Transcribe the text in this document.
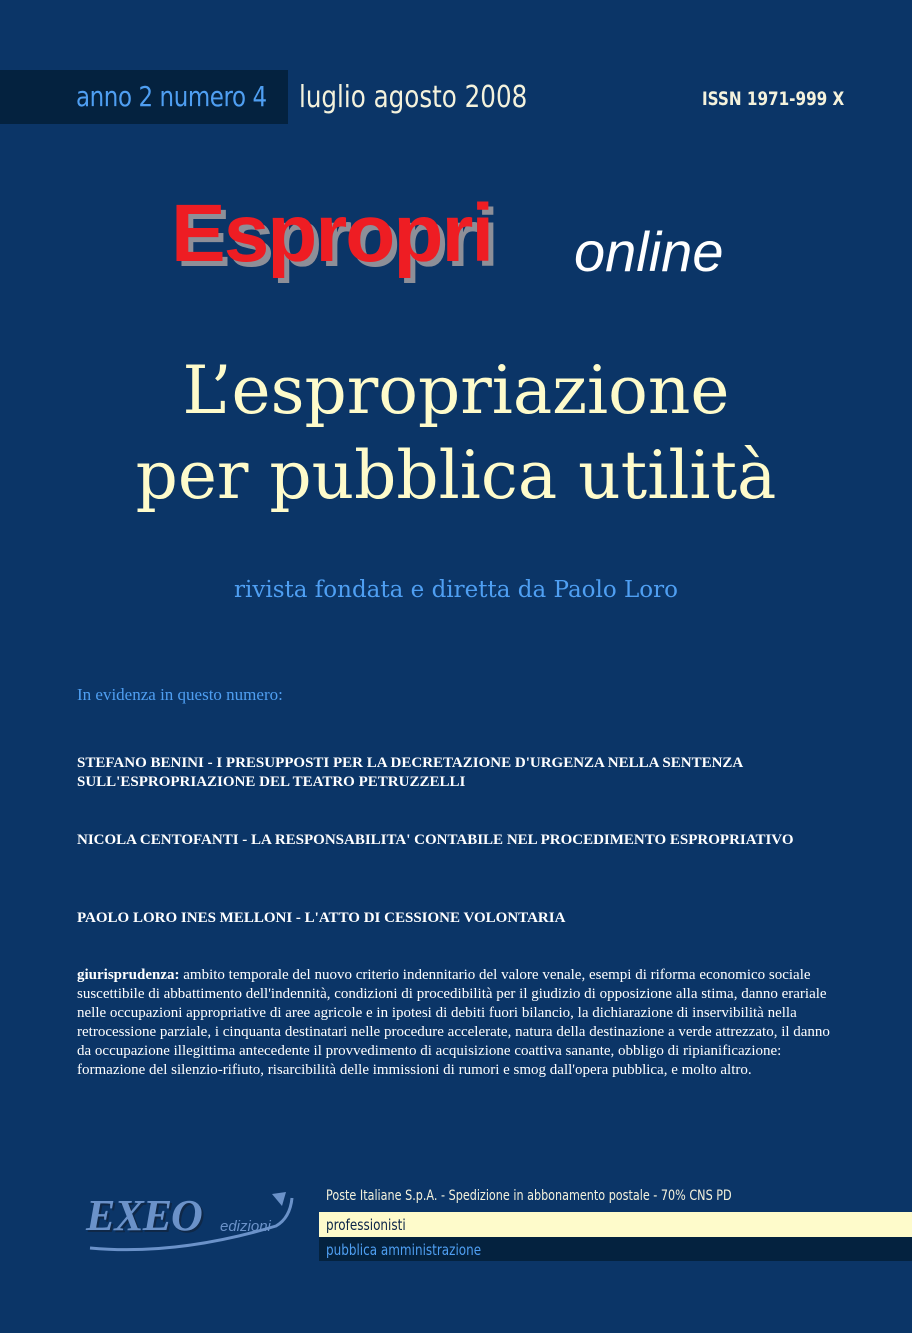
anno 2 numero 4 luglio agosto 2008	ISSN 1971-999 X
Espropri online
L’espropriazione
per pubblica utilità
rivista fondata e diretta da Paolo Loro
In evidenza in questo numero:
STEFANO BENINI - I PRESUPPOSTI PER LA DECRETAZIONE D'URGENZA NELLA SENTENZA SULL'ESPROPRIAZIONE DEL TEATRO PETRUZZELLI
NICOLA CENTOFANTI - LA RESPONSABILITA' CONTABILE NEL PROCEDIMENTO ESPROPRIATIVO
PAOLO LORO INES MELLONI - L'ATTO DI CESSIONE VOLONTARIA
giurisprudenza: ambito temporale del nuovo criterio indennitario del valore venale, esempi di riforma economico sociale suscettibile di abbattimento dell'indennità, condizioni di procedibilità per il giudizio di opposizione alla stima, danno erariale nelle occupazioni appropriative di aree agricole e in ipotesi di debiti fuori bilancio, la dichiarazione di inservibilità nella retrocessione parziale, i cinquanta destinatari nelle procedure accelerate, natura della destinazione a verde attrezzato, il danno da occupazione illegittima antecedente il provvedimento di acquisizione coattiva sanante, obbligo di ripianificazione: formazione del silenzio-rifiuto, risarcibilità delle immissioni di rumori e smog dall'opera pubblica, e molto altro.
EXEO edizioni
Poste Italiane S.p.A. - Spedizione in abbonamento postale - 70% CNS PD
professionisti
pubblica amministrazione
